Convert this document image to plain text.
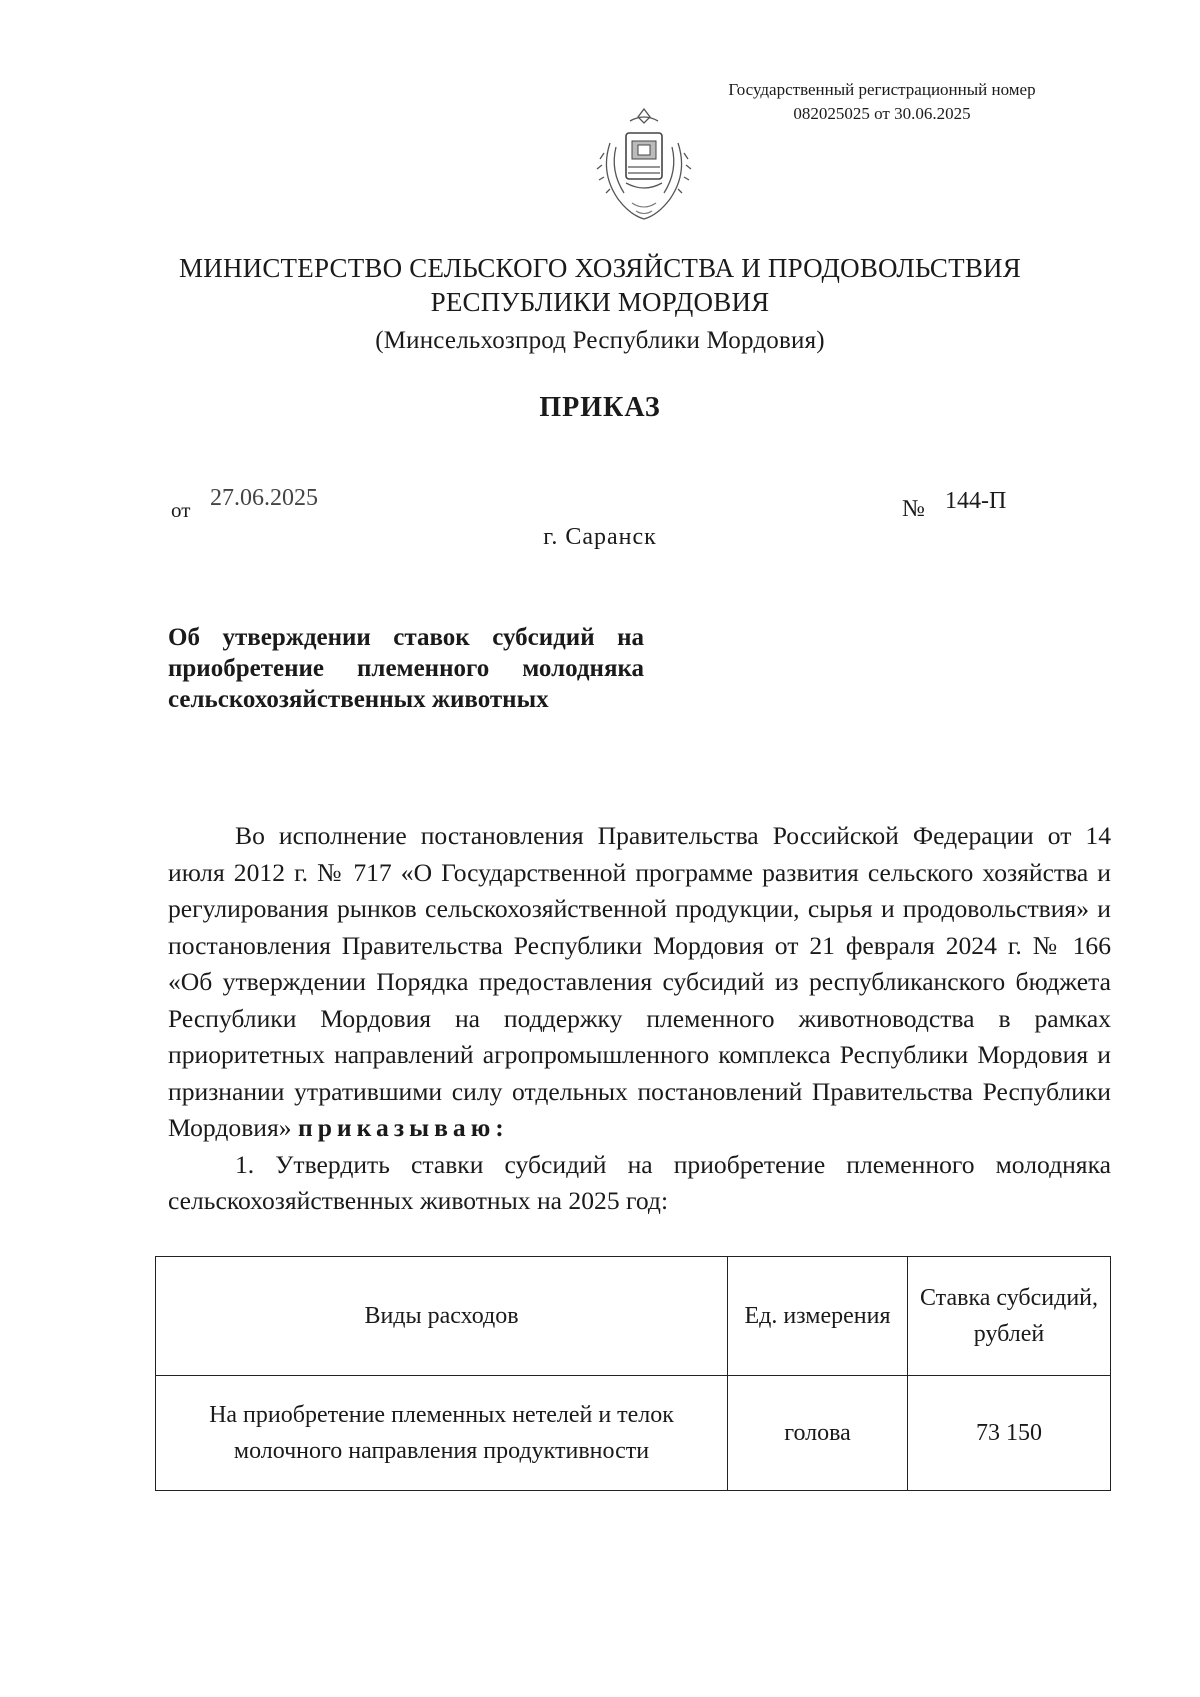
Государственный регистрационный номер
082025025 от 30.06.2025
МИНИСТЕРСТВО СЕЛЬСКОГО ХОЗЯЙСТВА И ПРОДОВОЛЬСТВИЯ
РЕСПУБЛИКИ МОРДОВИЯ
(Минсельхозпрод Республики Мордовия)
ПРИКАЗ
от 27.06.2025	№ 144-П
г. Саранск
Об утверждении ставок субсидий на приобретение племенного молодняка сельскохозяйственных животных

Во исполнение постановления Правительства Российской Федерации от 14 июля 2012 г. № 717 «О Государственной программе развития сельского хозяйства и регулирования рынков сельскохозяйственной продукции, сырья и продовольствия» и постановления Правительства Республики Мордовия от 21 февраля 2024 г. № 166 «Об утверждении Порядка предоставления субсидий из республиканского бюджета Республики Мордовия на поддержку племенного животноводства в рамках приоритетных направлений агропромышленного комплекса Республики Мордовия и признании утратившими силу отдельных постановлений Правительства Республики Мордовия» приказываю:

1. Утвердить ставки субсидий на приобретение племенного молодняка сельскохозяйственных животных на 2025 год:

Виды расходов	Ед. измерения	Ставка субсидий, рублей
На приобретение племенных нетелей и телок молочного направления продуктивности	голова	73 150
